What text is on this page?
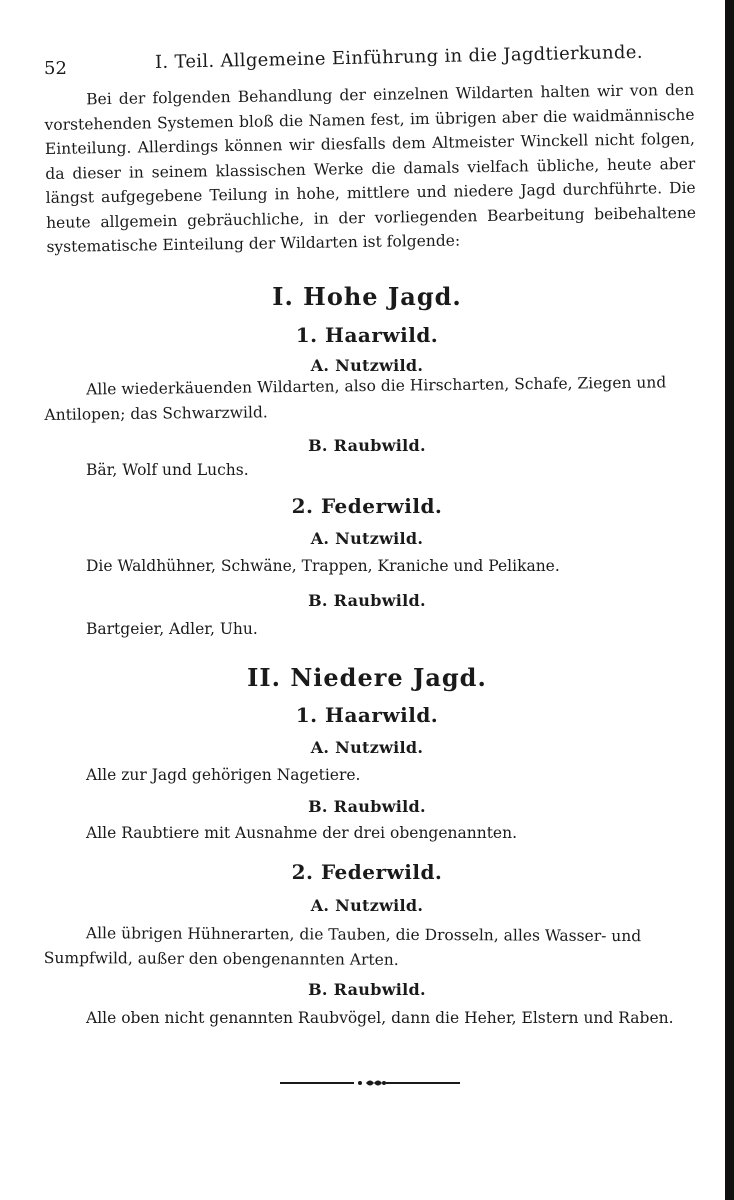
52	I. Teil. Allgemeine Einführung in die Jagdtierkunde.

Bei der folgenden Behandlung der einzelnen Wildarten halten wir von den vorstehenden Systemen bloß die Namen fest, im übrigen aber die waidmännische Einteilung. Allerdings können wir diesfalls dem Altmeister Winckell nicht folgen, da dieser in seinem klassischen Werke die damals vielfach übliche, heute aber längst aufgegebene Teilung in hohe, mittlere und niedere Jagd durchführte. Die heute allgemein gebräuchliche, in der vorliegenden Bearbeitung beibehaltene systematische Einteilung der Wildarten ist folgende:

I. Hohe Jagd.
1. Haarwild.
A. Nutzwild.

Alle wiederkäuenden Wildarten, also die Hirscharten, Schafe, Ziegen und Antilopen; das Schwarzwild.

B. Raubwild.

Bär, Wolf und Luchs.

2. Federwild.
A. Nutzwild.

Die Waldhühner, Schwäne, Trappen, Kraniche und Pelikane.

B. Raubwild.

Bartgeier, Adler, Uhu.

II. Niedere Jagd.
1. Haarwild.
A. Nutzwild.

Alle zur Jagd gehörigen Nagetiere.

B. Raubwild.

Alle Raubtiere mit Ausnahme der drei obengenannten.

2. Federwild.
A. Nutzwild.

Alle übrigen Hühnerarten, die Tauben, die Drosseln, alles Wasser- und Sumpfwild, außer den obengenannten Arten.

B. Raubwild.

Alle oben nicht genannten Raubvögel, dann die Heher, Elstern und Raben.
